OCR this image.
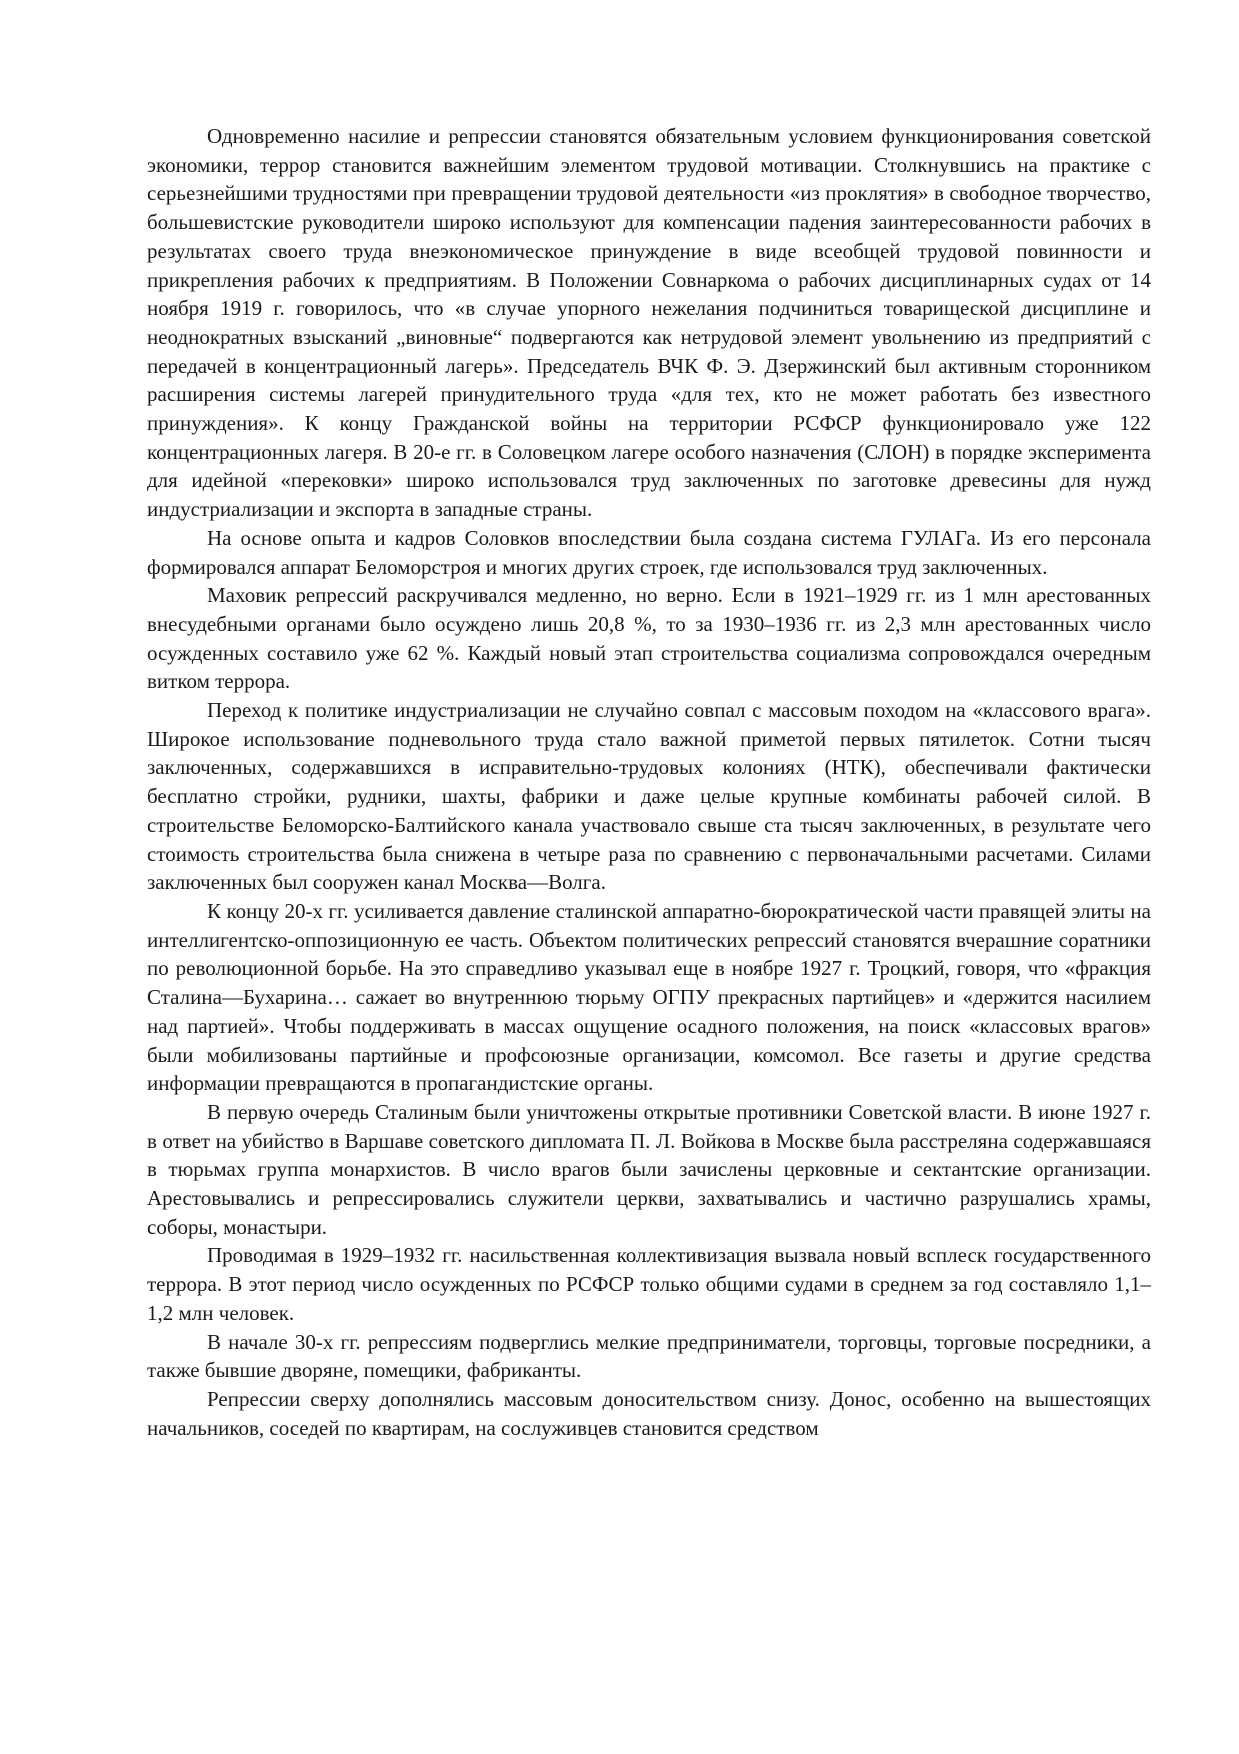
Одновременно насилие и репрессии становятся обязательным условием функционирования советской экономики, террор становится важнейшим элементом трудовой мотивации. Столкнувшись на практике с серьезнейшими трудностями при превращении трудовой деятельности «из проклятия» в свободное творчество, большевистские руководители широко используют для компенсации падения заинтересованности рабочих в результатах своего труда внеэкономическое принуждение в виде всеобщей трудовой повинности и прикрепления рабочих к предприятиям. В Положении Совнаркома о рабочих дисциплинарных судах от 14 ноября 1919 г. говорилось, что «в случае упорного нежелания подчиниться товарищеской дисциплине и неоднократных взысканий „виновные“ подвергаются как нетрудовой элемент увольнению из предприятий с передачей в концентрационный лагерь». Председатель ВЧК Ф. Э. Дзержинский был активным сторонником расширения системы лагерей принудительного труда «для тех, кто не может работать без известного принуждения». К концу Гражданской войны на территории РСФСР функционировало уже 122 концентрационных лагеря. В 20-е гг. в Соловецком лагере особого назначения (СЛОН) в порядке эксперимента для идейной «перековки» широко использовался труд заключенных по заготовке древесины для нужд индустриализации и экспорта в западные страны.

На основе опыта и кадров Соловков впоследствии была создана система ГУЛАГа. Из его персонала формировался аппарат Беломорстроя и многих других строек, где использовался труд заключенных.

Маховик репрессий раскручивался медленно, но верно. Если в 1921–1929 гг. из 1 млн арестованных внесудебными органами было осуждено лишь 20,8 %, то за 1930–1936 гг. из 2,3 млн арестованных число осужденных составило уже 62 %. Каждый новый этап строительства социализма сопровождался очередным витком террора.

Переход к политике индустриализации не случайно совпал с массовым походом на «классового врага». Широкое использование подневольного труда стало важной приметой первых пятилеток. Сотни тысяч заключенных, содержавшихся в исправительно-трудовых колониях (НТК), обеспечивали фактически бесплатно стройки, рудники, шахты, фабрики и даже целые крупные комбинаты рабочей силой. В строительстве Беломорско-Балтийского канала участвовало свыше ста тысяч заключенных, в результате чего стоимость строительства была снижена в четыре раза по сравнению с первоначальными расчетами. Силами заключенных был сооружен канал Москва—Волга.

К концу 20-х гг. усиливается давление сталинской аппаратно-бюрократической части правящей элиты на интеллигентско-оппозиционную ее часть. Объектом политических репрессий становятся вчерашние соратники по революционной борьбе. На это справедливо указывал еще в ноябре 1927 г. Троцкий, говоря, что «фракция Сталина—Бухарина… сажает во внутреннюю тюрьму ОГПУ прекрасных партийцев» и «держится насилием над партией». Чтобы поддерживать в массах ощущение осадного положения, на поиск «классовых врагов» были мобилизованы партийные и профсоюзные организации, комсомол. Все газеты и другие средства информации превращаются в пропагандистские органы.

В первую очередь Сталиным были уничтожены открытые противники Советской власти. В июне 1927 г. в ответ на убийство в Варшаве советского дипломата П. Л. Войкова в Москве была расстреляна содержавшаяся в тюрьмах группа монархистов. В число врагов были зачислены церковные и сектантские организации. Арестовывались и репрессировались служители церкви, захватывались и частично разрушались храмы, соборы, монастыри.

Проводимая в 1929–1932 гг. насильственная коллективизация вызвала новый всплеск государственного террора. В этот период число осужденных по РСФСР только общими судами в среднем за год составляло 1,1–1,2 млн человек.

В начале 30-х гг. репрессиям подверглись мелкие предприниматели, торговцы, торговые посредники, а также бывшие дворяне, помещики, фабриканты.

Репрессии сверху дополнялись массовым доносительством снизу. Донос, особенно на вышестоящих начальников, соседей по квартирам, на сослуживцев становится средством
